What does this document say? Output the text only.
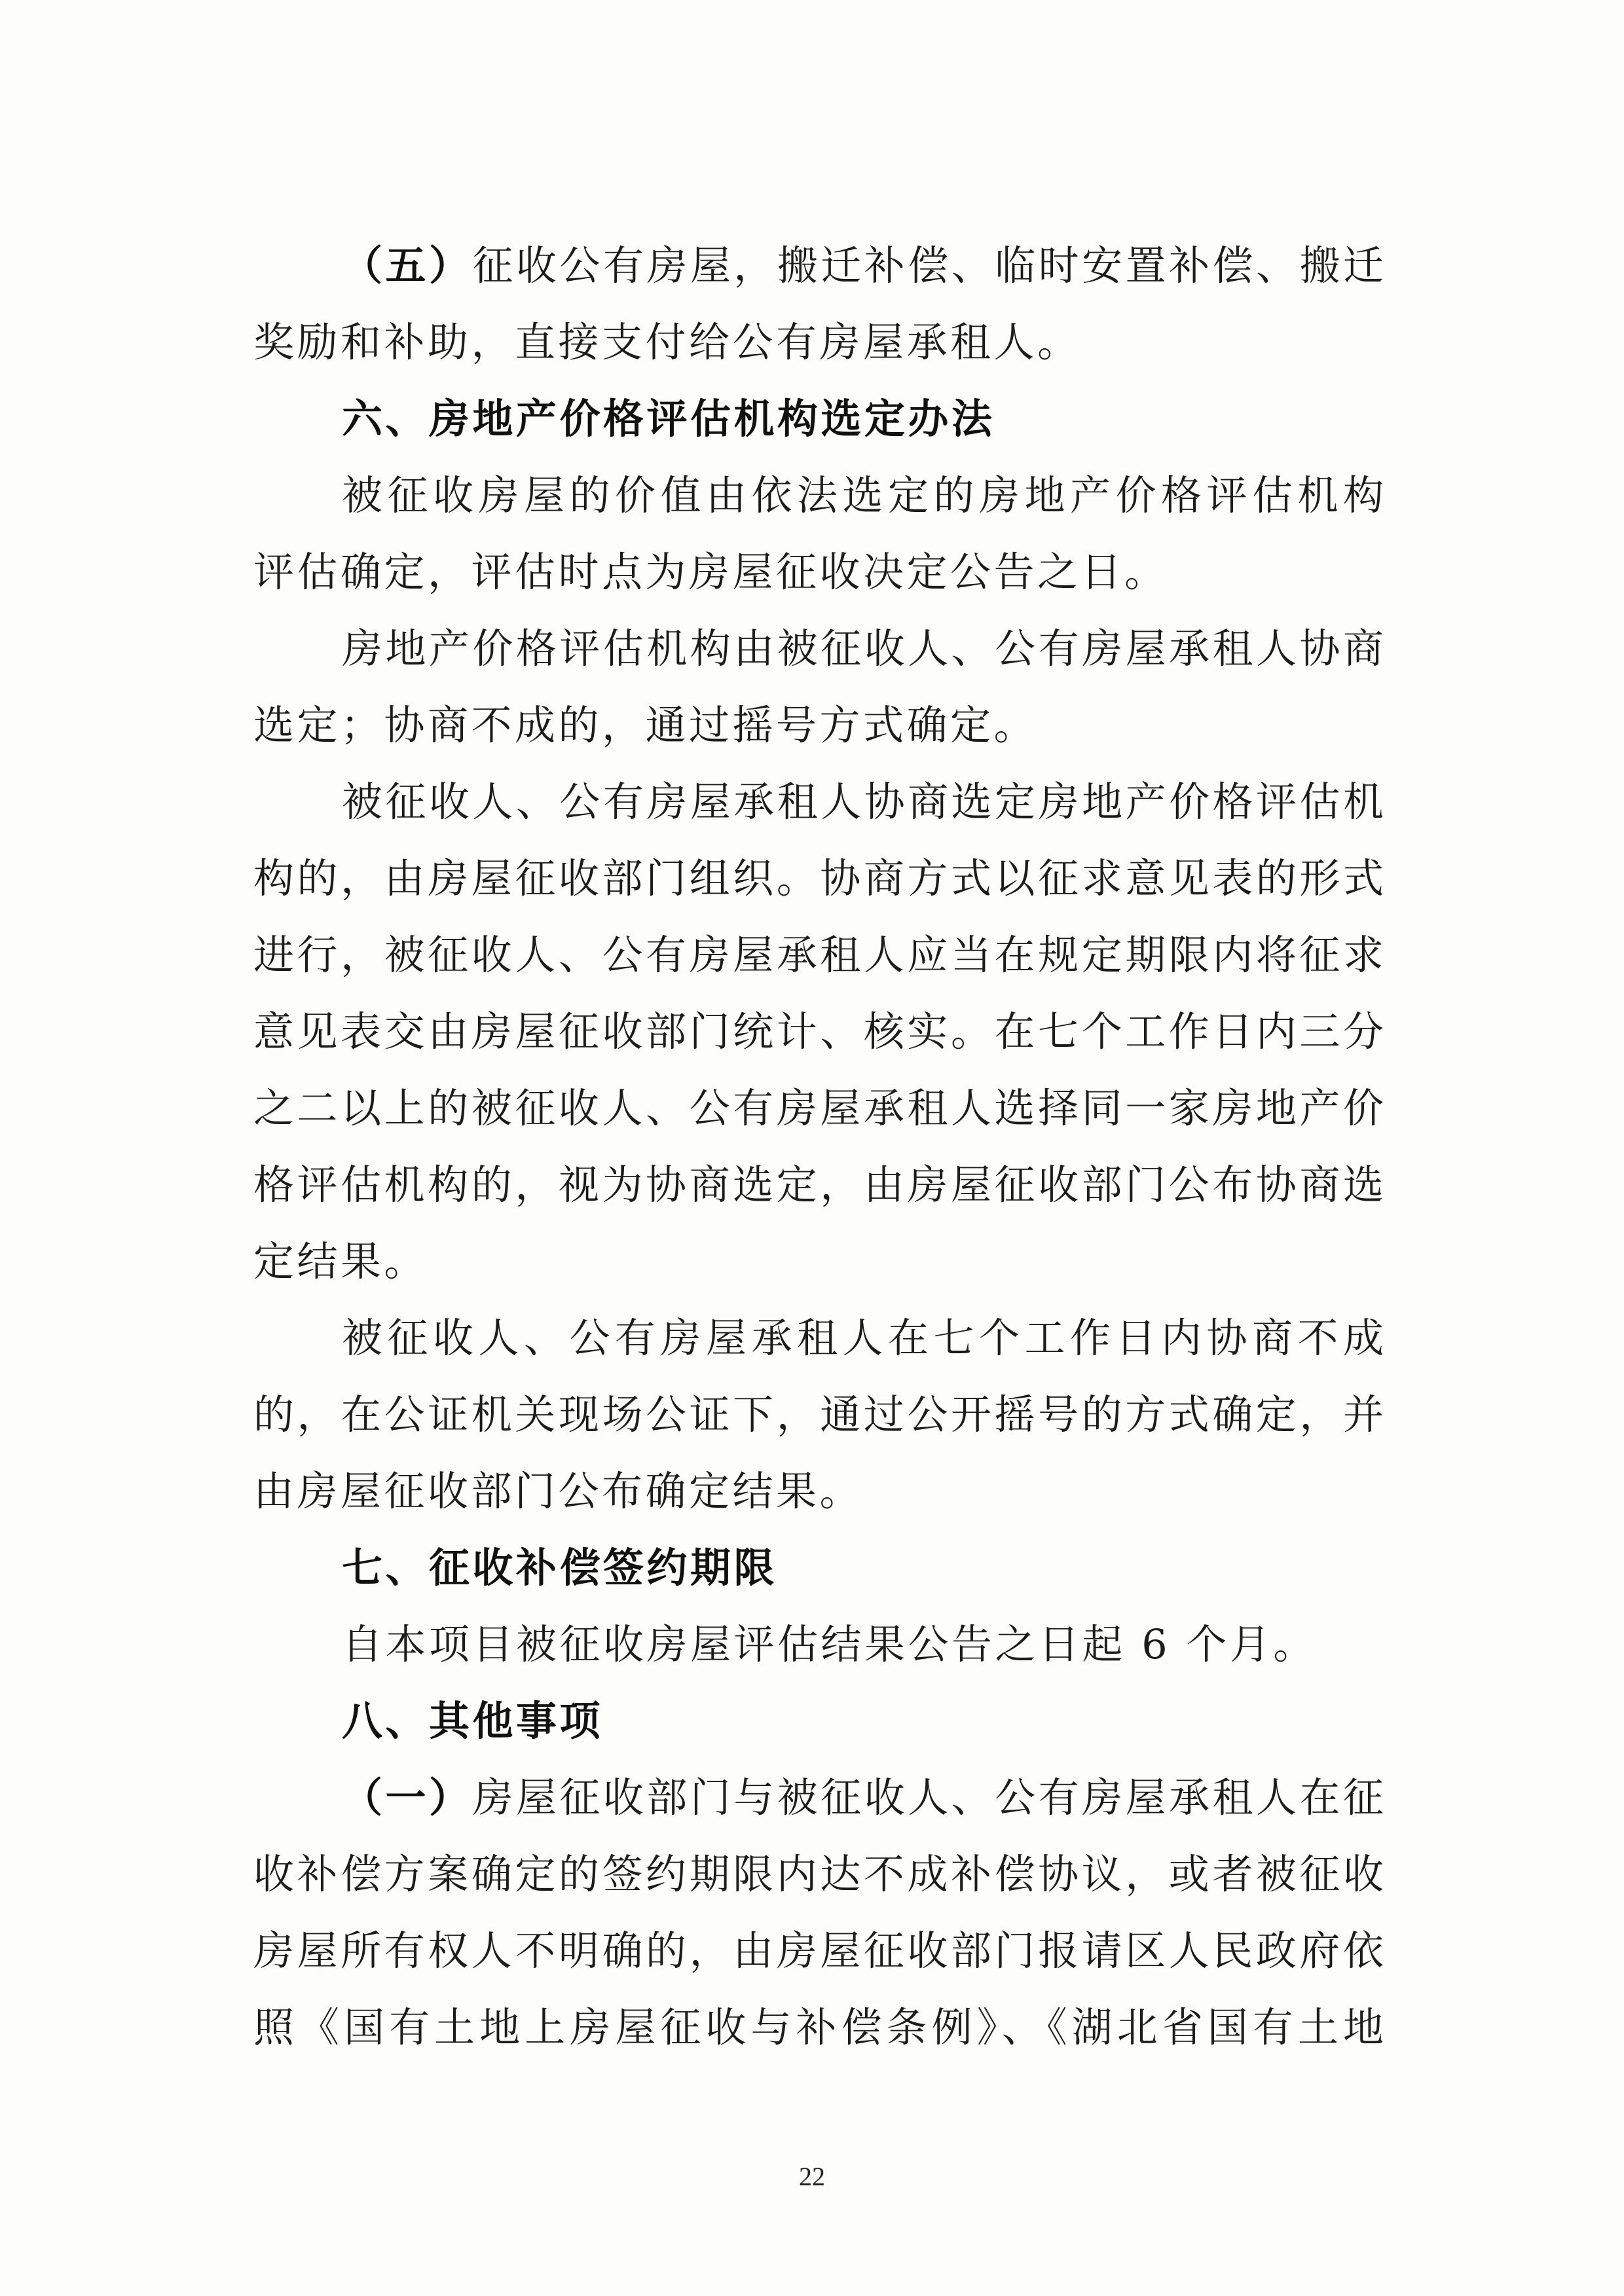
（五）征收公有房屋，搬迁补偿、临时安置补偿、搬迁
奖励和补助，直接支付给公有房屋承租人。
六、房地产价格评估机构选定办法
被征收房屋的价值由依法选定的房地产价格评估机构
评估确定，评估时点为房屋征收决定公告之日。
房地产价格评估机构由被征收人、公有房屋承租人协商
选定；协商不成的，通过摇号方式确定。
被征收人、公有房屋承租人协商选定房地产价格评估机
构的，由房屋征收部门组织。协商方式以征求意见表的形式
进行，被征收人、公有房屋承租人应当在规定期限内将征求
意见表交由房屋征收部门统计、核实。在七个工作日内三分
之二以上的被征收人、公有房屋承租人选择同一家房地产价
格评估机构的，视为协商选定，由房屋征收部门公布协商选
定结果。
被征收人、公有房屋承租人在七个工作日内协商不成
的，在公证机关现场公证下，通过公开摇号的方式确定，并
由房屋征收部门公布确定结果。
七、征收补偿签约期限
自本项目被征收房屋评估结果公告之日起 6 个月。
八、其他事项
（一）房屋征收部门与被征收人、公有房屋承租人在征
收补偿方案确定的签约期限内达不成补偿协议，或者被征收
房屋所有权人不明确的，由房屋征收部门报请区人民政府依
照《国有土地上房屋征收与补偿条例》、《湖北省国有土地
22
